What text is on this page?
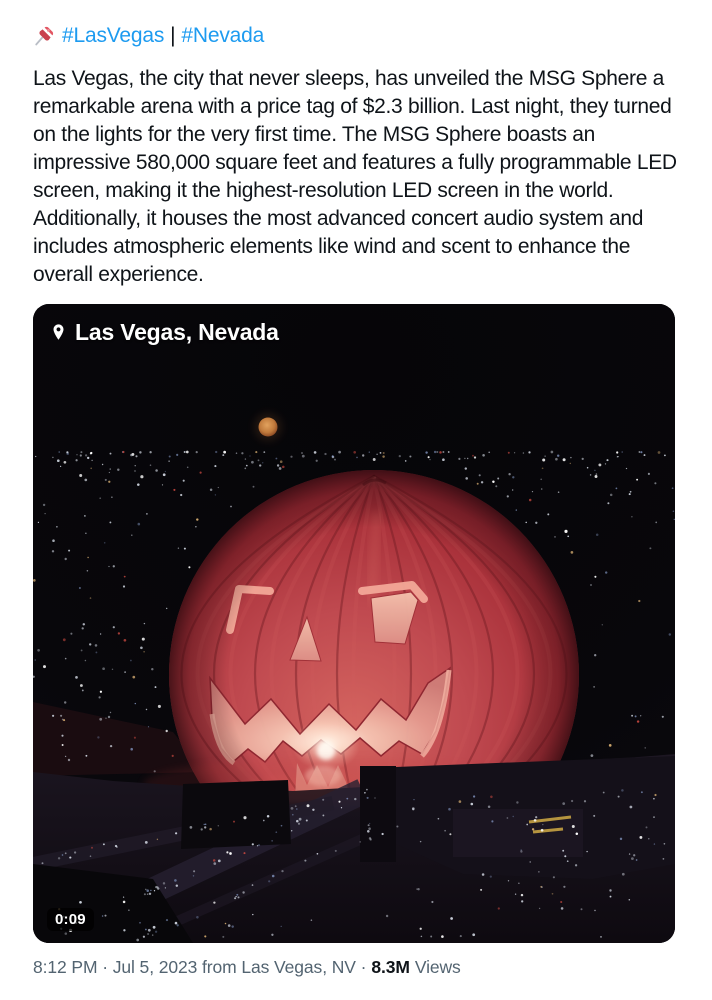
#LasVegas | #Nevada

Las Vegas, the city that never sleeps, has unveiled the MSG Sphere a remarkable arena with a price tag of $2.3 billion. Last night, they turned on the lights for the very first time. The MSG Sphere boasts an impressive 580,000 square feet and features a fully programmable LED screen, making it the highest-resolution LED screen in the world. Additionally, it houses the most advanced concert audio system and includes atmospheric elements like wind and scent to enhance the overall experience.

Las Vegas, Nevada
0:09
8:12 PM · Jul 5, 2023 from Las Vegas, NV · 8.3M Views
